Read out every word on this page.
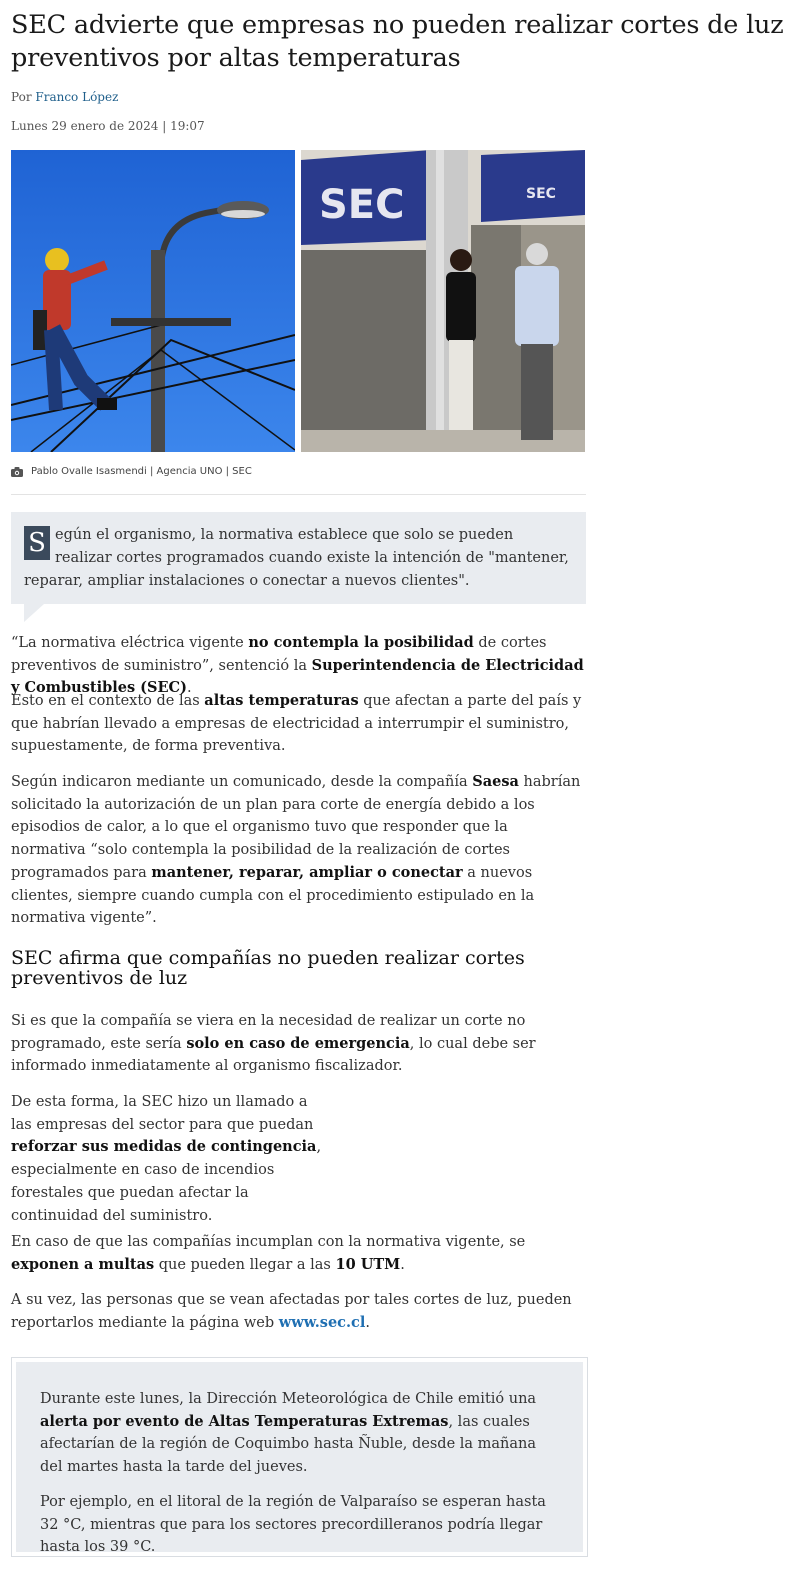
SEC advierte que empresas no pueden realizar cortes de luz preventivos por altas temperaturas
Por Franco López
Lunes 29 enero de 2024 | 19:07
SEC	SEC
Pablo Ovalle Isasmendi | Agencia UNO | SEC
S egún el organismo, la normativa establece que solo se pueden realizar cortes programados cuando existe la intención de "mantener, reparar, ampliar instalaciones o conectar a nuevos clientes".

“La normativa eléctrica vigente no contempla la posibilidad de cortes preventivos de suministro”, sentenció la Superintendencia de Electricidad y Combustibles (SEC).

Esto en el contexto de las altas temperaturas que afectan a parte del país y que habrían llevado a empresas de electricidad a interrumpir el suministro, supuestamente, de forma preventiva.

Según indicaron mediante un comunicado, desde la compañía Saesa habrían solicitado la autorización de un plan para corte de energía debido a los episodios de calor, a lo que el organismo tuvo que responder que la normativa “solo contempla la posibilidad de la realización de cortes programados para mantener, reparar, ampliar o conectar a nuevos clientes, siempre cuando cumpla con el procedimiento estipulado en la normativa vigente”.

SEC afirma que compañías no pueden realizar cortes preventivos de luz

Si es que la compañía se viera en la necesidad de realizar un corte no programado, este sería solo en caso de emergencia, lo cual debe ser informado inmediatamente al organismo fiscalizador.

De esta forma, la SEC hizo un llamado a las empresas del sector para que puedan reforzar sus medidas de contingencia, especialmente en caso de incendios forestales que puedan afectar la continuidad del suministro.

En caso de que las compañías incumplan con la normativa vigente, se exponen a multas que pueden llegar a las 10 UTM.

A su vez, las personas que se vean afectadas por tales cortes de luz, pueden reportarlos mediante la página web www.sec.cl.

Durante este lunes, la Dirección Meteorológica de Chile emitió una alerta por evento de Altas Temperaturas Extremas, las cuales afectarían de la región de Coquimbo hasta Ñuble, desde la mañana del martes hasta la tarde del jueves.

Por ejemplo, en el litoral de la región de Valparaíso se esperan hasta 32 °C, mientras que para los sectores precordilleranos podría llegar hasta los 39 °C.
